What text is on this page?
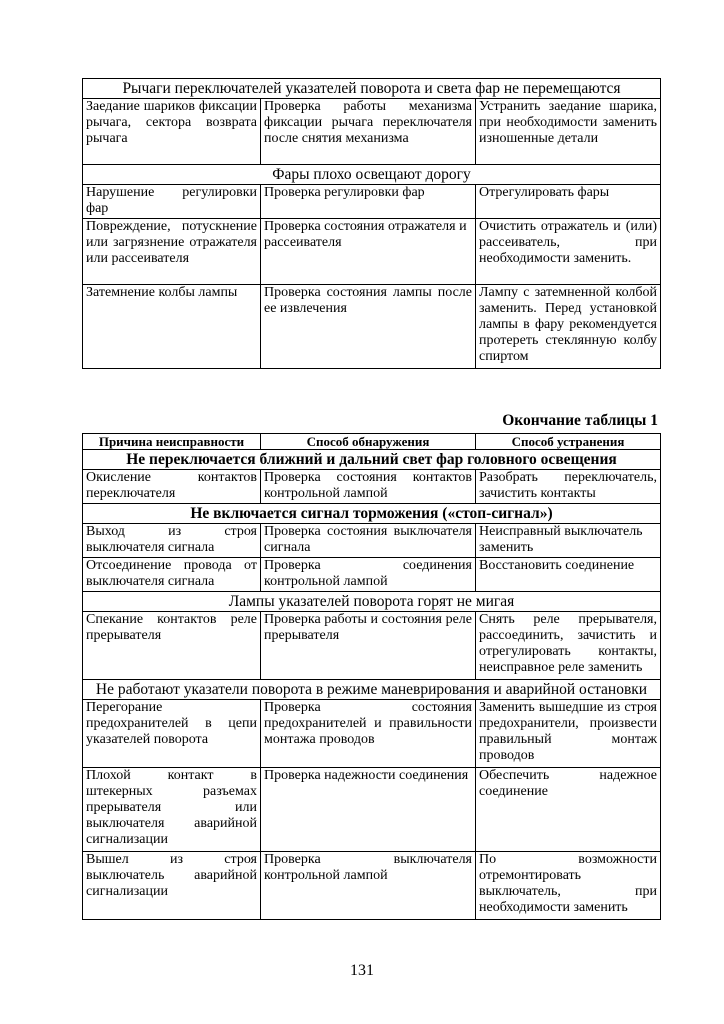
Рычаги переключателей указателей поворота и света фар не перемещаются		
Заедание шариков фиксации рычага, сектора возврата рычага	Проверка работы механизма фиксации рычага переключателя после снятия механизма	Устранить заедание шарика, при необходимости заменить изношенные детали
Фары плохо освещают дорогу		
Нарушение регулировки фар	Проверка регулировки фар	Отрегулировать фары
Повреждение, потускнение или загрязнение отражателя или рассеивателя	Проверка состояния отражателя и рассеивателя	Очистить отражатель и (или) рассеиватель, при необходимости заменить.
Затемнение колбы лампы	Проверка состояния лампы после ее извлечения	Лампу с затемненной колбой заменить. Перед установкой лампы в фару рекомендуется протереть стеклянную колбу спиртом
Окончание таблицы 1
Причина неисправности	Способ обнаружения	Способ устранения
Не переключается ближний и дальний свет фар головного освещения		
Окисление контактов переключателя	Проверка состояния контактов контрольной лампой	Разобрать переключатель, зачистить контакты
Не включается сигнал торможения («стоп-сигнал»)		
Выход из строя выключателя сигнала	Проверка состояния выключателя сигнала	Неисправный выключатель заменить
Отсоединение провода от выключателя сигнала	Проверка соединения контрольной лампой	Восстановить соединение
Лампы указателей поворота горят не мигая		
Спекание контактов реле прерывателя	Проверка работы и состояния реле прерывателя	Снять реле прерывателя, рассоединить, зачистить и отрегулировать контакты, неисправное реле заменить
Не работают указатели поворота в режиме маневрирования и аварийной остановки		
Перегорание предохранителей в цепи указателей поворота	Проверка состояния предохранителей и правильности монтажа проводов	Заменить вышедшие из строя предохранители, произвести правильный монтаж проводов
Плохой контакт в штекерных разъемах прерывателя или выключателя аварийной сигнализации	Проверка надежности соединения	Обеспечить надежное соединение
Вышел из строя выключатель аварийной сигнализации	Проверка выключателя контрольной лампой	По возможности отремонтировать выключатель, при необходимости заменить
131
